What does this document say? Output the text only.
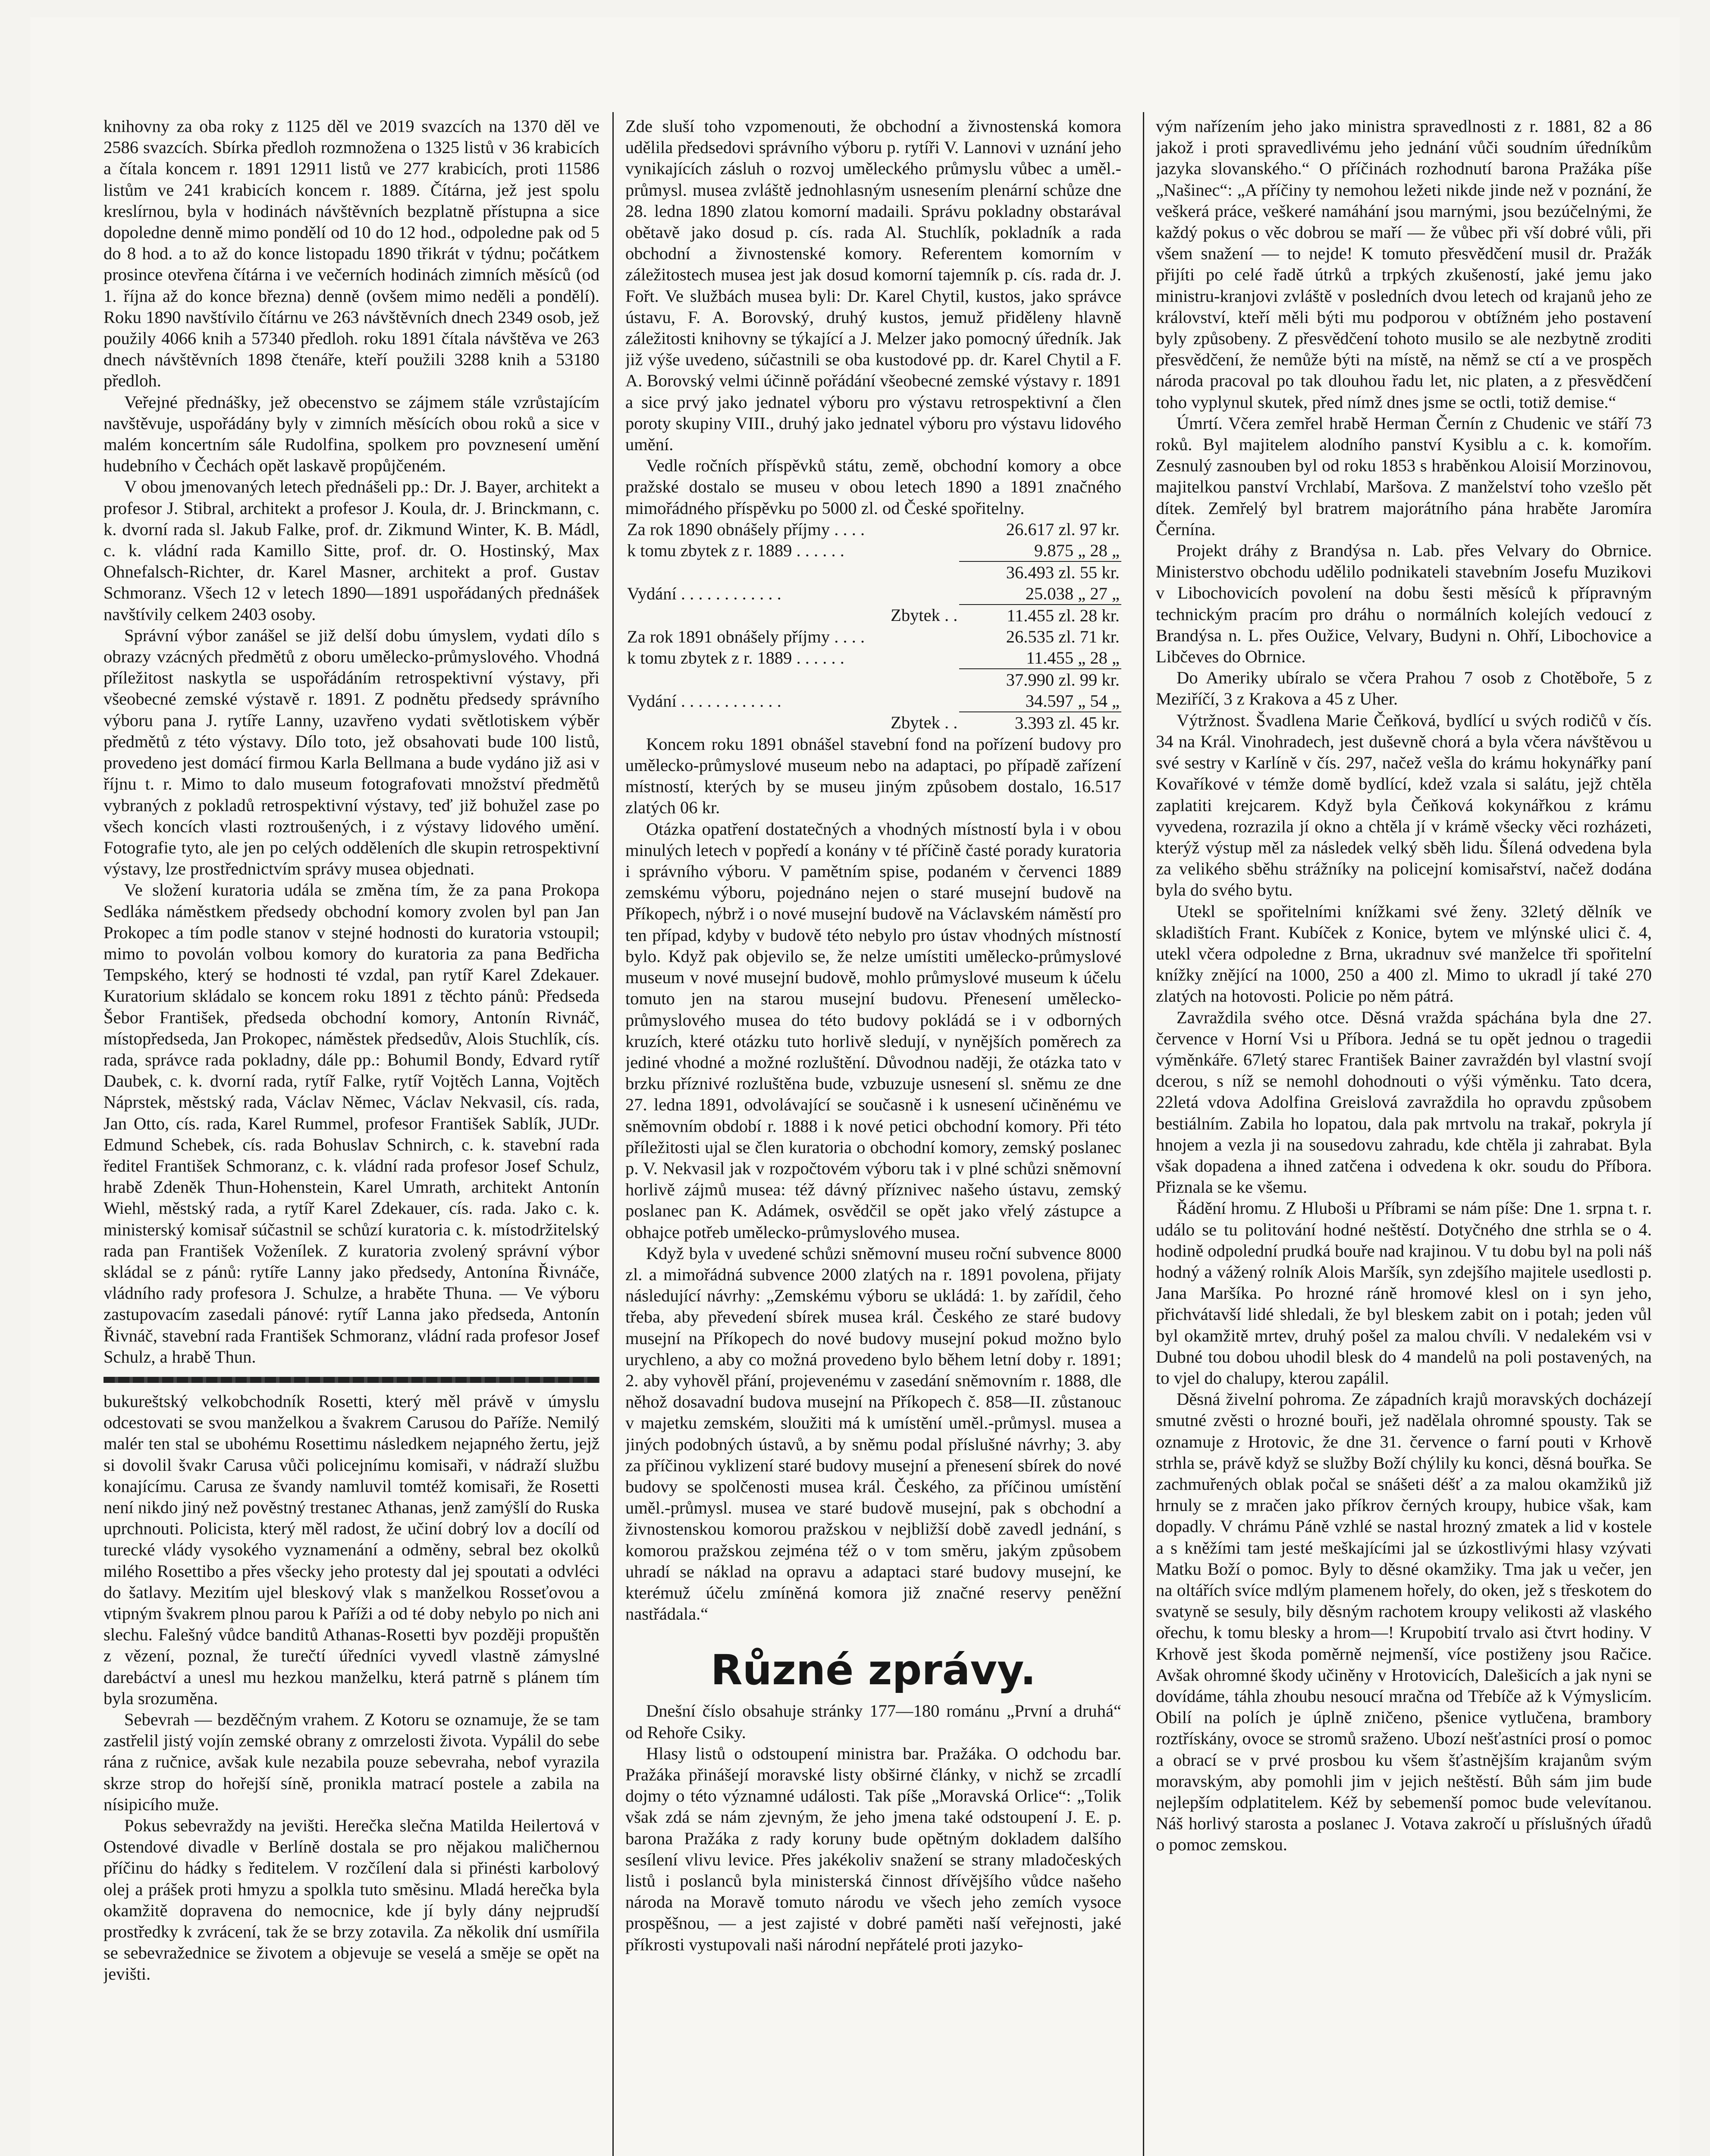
knihovny za oba roky z 1125 děl ve 2019 svazcích na 1370 děl ve 2586 svazcích. Sbírka předloh rozmnožena o 1325 listů v 36 krabicích a čítala koncem r. 1891 12911 listů ve 277 krabicích, proti 11586 listům ve 241 krabicích koncem r. 1889. Čítárna, jež jest spolu kreslírnou, byla v hodinách návštěvních bezplatně přístupna a sice dopoledne denně mimo pondělí od 10 do 12 hod., odpoledne pak od 5 do 8 hod. a to až do konce listopadu 1890 třikrát v týdnu; počátkem prosince otevřena čítárna i ve večerních hodinách zimních měsíců (od 1. října až do konce března) denně (ovšem mimo neděli a pondělí). Roku 1890 navštívilo čítárnu ve 263 návštěvních dnech 2349 osob, jež použily 4066 knih a 57340 předloh. roku 1891 čítala návštěva ve 263 dnech návštěvních 1898 čtenáře, kteří použili 3288 knih a 53180 předloh.

Veřejné přednášky, jež obecenstvo se zájmem stále vzrůstajícím navštěvuje, uspořádány byly v zimních měsících obou roků a sice v malém koncertním sále Rudolfina, spolkem pro povznesení umění hudebního v Čechách opět laskavě propůjčeném.

V obou jmenovaných letech přednášeli pp.: Dr. J. Bayer, architekt a profesor J. Stibral, architekt a profesor J. Koula, dr. J. Brinckmann, c. k. dvorní rada sl. Jakub Falke, prof. dr. Zikmund Winter, K. B. Mádl, c. k. vládní rada Kamillo Sitte, prof. dr. O. Hostinský, Max Ohnefalsch-Richter, dr. Karel Masner, architekt a prof. Gustav Schmoranz. Všech 12 v letech 1890—1891 uspořádaných přednášek navštívily celkem 2403 osoby.

Správní výbor zanášel se již delší dobu úmyslem, vydati dílo s obrazy vzácných předmětů z oboru umělecko-průmyslového. Vhodná příležitost naskytla se uspořádáním retrospektivní výstavy, při všeobecné zemské výstavě r. 1891. Z podnětu předsedy správního výboru pana J. rytíře Lanny, uzavřeno vydati světlotiskem výběr předmětů z této výstavy. Dílo toto, jež obsahovati bude 100 listů, provedeno jest domácí firmou Karla Bellmana a bude vydáno již asi v říjnu t. r. Mimo to dalo museum fotografovati množství předmětů vybraných z pokladů retrospektivní výstavy, teď již bohužel zase po všech koncích vlasti roztroušených, i z výstavy lidového umění. Fotografie tyto, ale jen po celých odděleních dle skupin retrospektivní výstavy, lze prostřednictvím správy musea objednati.

Ve složení kuratoria udála se změna tím, že za pana Prokopa Sedláka náměstkem předsedy obchodní komory zvolen byl pan Jan Prokopec a tím podle stanov v stejné hodnosti do kuratoria vstoupil; mimo to povolán volbou komory do kuratoria za pana Bedřicha Tempského, který se hodnosti té vzdal, pan rytíř Karel Zdekauer. Kuratorium skládalo se koncem roku 1891 z těchto pánů: Předseda Šebor František, předseda obchodní komory, Antonín Rivnáč, místopředseda, Jan Prokopec, náměstek předsedův, Alois Stuchlík, cís. rada, správce rada pokladny, dále pp.: Bohumil Bondy, Edvard rytíř Daubek, c. k. dvorní rada, rytíř Falke, rytíř Vojtěch Lanna, Vojtěch Náprstek, městský rada, Václav Němec, Václav Nekvasil, cís. rada, Jan Otto, cís. rada, Karel Rummel, profesor František Sablík, JUDr. Edmund Schebek, cís. rada Bohuslav Schnirch, c. k. stavební rada ředitel František Schmoranz, c. k. vládní rada profesor Josef Schulz, hrabě Zdeněk Thun-Hohenstein, Karel Umrath, architekt Antonín Wiehl, městský rada, a rytíř Karel Zdekauer, cís. rada. Jako c. k. ministerský komisař súčastnil se schůzí kuratoria c. k. místodržitelský rada pan František Voženílek. Z kuratoria zvolený správní výbor skládal se z pánů: rytíře Lanny jako předsedy, Antonína Řivnáče, vládního rady profesora J. Schulze, a hraběte Thuna. — Ve výboru zastupovacím zasedali pánové: rytíř Lanna jako předseda, Antonín Řivnáč, stavební rada František Schmoranz, vládní rada profesor Josef Schulz, a hrabě Thun.

bukureštský velkobchodník Rosetti, který měl právě v úmyslu odcestovati se svou manželkou a švakrem Carusou do Paříže. Nemilý malér ten stal se ubohému Rosettimu následkem nejapného žertu, jejž si dovolil švakr Carusa vůči policejnímu komisaři, v nádraží službu konajícímu. Carusa ze švandy namluvil tomtéž komisaři, že Rosetti není nikdo jiný než pověstný trestanec Athanas, jenž zamýšlí do Ruska uprchnouti. Policista, který měl radost, že učiní dobrý lov a docílí od turecké vlády vysokého vyznamenání a odměny, sebral bez okolků milého Rosettibo a přes všecky jeho protesty dal jej spoutati a odvléci do šatlavy. Mezitím ujel bleskový vlak s manželkou Rosseťovou a vtipným švakrem plnou parou k Paříži a od té doby nebylo po nich ani slechu. Falešný vůdce banditů Athanas-Rosetti byv později propuštěn z vězení, poznal, že turečtí úředníci vyvedl vlastně zámyslné darebáctví a unesl mu hezkou manželku, která patrně s plánem tím byla srozuměna.

Sebevrah — bezděčným vrahem. Z Kotoru se oznamuje, že se tam zastřelil jistý vojín zemské obrany z omrzelosti života. Vypálil do sebe rána z ručnice, avšak kule nezabila pouze sebevraha, nebof vyrazila skrze strop do hořejší síně, pronikla matrací postele a zabila na nísipicího muže.

Pokus sebevraždy na jevišti. Herečka slečna Matilda Heilertová v Ostendové divadle v Berlíně dostala se pro nějakou maličhernou příčinu do hádky s ředitelem. V rozčílení dala si přinésti karbolový olej a prášek proti hmyzu a spolkla tuto směsinu. Mladá herečka byla okamžitě dopravena do nemocnice, kde jí byly dány nejprudší prostředky k zvrácení, tak že se brzy zotavila. Za několik dní usmířila se sebevražednice se životem a objevuje se veselá a směje se opět na jevišti.

Zde sluší toho vzpomenouti, že obchodní a živnostenská komora udělila předsedovi správního výboru p. rytíři V. Lannovi v uznání jeho vynikajících zásluh o rozvoj uměleckého průmyslu vůbec a uměl.-průmysl. musea zvláště jednohlasným usnesením plenární schůze dne 28. ledna 1890 zlatou komorní madaili. Správu pokladny obstarával obětavě jako dosud p. cís. rada Al. Stuchlík, pokladník a rada obchodní a živnostenské komory. Referentem komorním v záležitostech musea jest jak dosud komorní tajemník p. cís. rada dr. J. Fořt. Ve službách musea byli: Dr. Karel Chytil, kustos, jako správce ústavu, F. A. Borovský, druhý kustos, jemuž přiděleny hlavně záležitosti knihovny se týkající a J. Melzer jako pomocný úředník. Jak již výše uvedeno, súčastnili se oba kustodové pp. dr. Karel Chytil a F. A. Borovský velmi účinně pořádání všeobecné zemské výstavy r. 1891 a sice prvý jako jednatel výboru pro výstavu retrospektivní a člen poroty skupiny VIII., druhý jako jednatel výboru pro výstavu lidového umění.

Vedle ročních příspěvků státu, země, obchodní komory a obce pražské dostalo se museu v obou letech 1890 a 1891 značného mimořádného příspěvku po 5000 zl. od České spořitelny.

Za rok 1890 obnášely příjmy . . . .	26.617 zl. 97 kr.
k tomu zbytek z r. 1889 . . . . . .	9.875 „ 28 „
	36.493 zl. 55 kr.
Vydání . . . . . . . . . . . .	25.038 „ 27 „
Zbytek . .	11.455 zl. 28 kr.
Za rok 1891 obnášely příjmy . . . .	26.535 zl. 71 kr.
k tomu zbytek z r. 1889 . . . . . .	11.455 „ 28 „
	37.990 zl. 99 kr.
Vydání . . . . . . . . . . . .	34.597 „ 54 „
Zbytek . .	3.393 zl. 45 kr.

Koncem roku 1891 obnášel stavební fond na pořízení budovy pro umělecko-průmyslové museum nebo na adaptaci, po případě zařízení místností, kterých by se museu jiným způsobem dostalo, 16.517 zlatých 06 kr.

Otázka opatření dostatečných a vhodných místností byla i v obou minulých letech v popředí a konány v té příčině časté porady kuratoria i správního výboru. V pamětním spise, podaném v červenci 1889 zemskému výboru, pojednáno nejen o staré musejní budově na Příkopech, nýbrž i o nové musejní budově na Václavském náměstí pro ten případ, kdyby v budově této nebylo pro ústav vhodných místností bylo. Když pak objevilo se, že nelze umístiti umělecko-průmyslové museum v nové musejní budově, mohlo průmyslové museum k účelu tomuto jen na starou musejní budovu. Přenesení umělecko-průmyslového musea do této budovy pokládá se i v odborných kruzích, které otázku tuto horlivě sledují, v nynějších poměrech za jediné vhodné a možné rozluštění. Důvodnou naději, že otázka tato v brzku příznivé rozluštěna bude, vzbuzuje usnesení sl. sněmu ze dne 27. ledna 1891, odvolávající se současně i k usnesení učiněnému ve sněmovním období r. 1888 i k nové petici obchodní komory. Při této příležitosti ujal se člen kuratoria o obchodní komory, zemský poslanec p. V. Nekvasil jak v rozpočtovém výboru tak i v plné schůzi sněmovní horlivě zájmů musea: též dávný příznivec našeho ústavu, zemský poslanec pan K. Adámek, osvědčil se opět jako vřelý zástupce a obhajce potřeb umělecko-průmyslového musea.

Když byla v uvedené schůzi sněmovní museu roční subvence 8000 zl. a mimořádná subvence 2000 zlatých na r. 1891 povolena, přijaty následující návrhy: „Zemskému výboru se ukládá: 1. by zařídil, čeho třeba, aby převedení sbírek musea král. Českého ze staré budovy musejní na Příkopech do nové budovy musejní pokud možno bylo urychleno, a aby co možná provedeno bylo během letní doby r. 1891; 2. aby vyhověl přání, projevenému v zasedání sněmovním r. 1888, dle něhož dosavadní budova musejní na Příkopech č. 858—II. zůstanouc v majetku zemském, sloužiti má k umístění uměl.-průmysl. musea a jiných podobných ústavů, a by sněmu podal příslušné návrhy; 3. aby za příčinou vyklizení staré budovy musejní a přenesení sbírek do nové budovy se spolčenosti musea král. Českého, za příčinou umístění uměl.-průmysl. musea ve staré budově musejní, pak s obchodní a živnostenskou komorou pražskou v nejbližší době zavedl jednání, s komorou pražskou zejména též o v tom směru, jakým způsobem uhradí se náklad na opravu a adaptaci staré budovy musejní, ke kterémuž účelu zmíněná komora již značné reservy peněžní nastřádala.“

Různé zprávy.

Dnešní číslo obsahuje stránky 177—180 románu „První a druhá“ od Rehoře Csiky.

Hlasy listů o odstoupení ministra bar. Pražáka. O odchodu bar. Pražáka přinášejí moravské listy obširné články, v nichž se zrcadlí dojmy o této významné události. Tak píše „Moravská Orlice“: „Tolik však zdá se nám zjevným, že jeho jmena také odstoupení J. E. p. barona Pražáka z rady koruny bude opětným dokladem dalšího sesílení vlivu levice. Přes jakékoliv snažení se strany mladočeských listů i poslanců byla ministerská činnost dřívějšího vůdce našeho národa na Moravě tomuto národu ve všech jeho zemích vysoce prospěšnou, — a jest zajisté v dobré paměti naší veřejnosti, jaké příkrosti vystupovali naši národní nepřátelé proti jazyko-

vým nařízením jeho jako ministra spravedlnosti z r. 1881, 82 a 86 jakož i proti spravedlivému jeho jednání vůči soudním úředníkům jazyka slovanského.“ O příčinách rozhodnutí barona Pražáka píše „Našinec“: „A příčiny ty nemohou ležeti nikde jinde než v poznání, že veškerá práce, veškeré namáhání jsou marnými, jsou bezúčelnými, že každý pokus o věc dobrou se maří — že vůbec při vší dobré vůli, při všem snažení — to nejde! K tomuto přesvědčení musil dr. Pražák přijíti po celé řadě útrků a trpkých zkušeností, jaké jemu jako ministru-kranjovi zvláště v posledních dvou letech od krajanů jeho ze království, kteří měli býti mu podporou v obtížném jeho postavení byly způsobeny. Z přesvědčení tohoto musilo se ale nezbytně zroditi přesvědčení, že nemůže býti na místě, na němž se ctí a ve prospěch národa pracoval po tak dlouhou řadu let, nic platen, a z přesvědčení toho vyplynul skutek, před nímž dnes jsme se octli, totiž demise.“

Úmrtí. Včera zemřel hrabě Herman Černín z Chudenic ve stáří 73 roků. Byl majitelem alodního panství Kysiblu a c. k. komořím. Zesnulý zasnouben byl od roku 1853 s hraběnkou Aloisií Morzinovou, majitelkou panství Vrchlabí, Maršova. Z manželství toho vzešlo pět dítek. Zemřelý byl bratrem majorátního pána hraběte Jaromíra Černína.

Projekt dráhy z Brandýsa n. Lab. přes Velvary do Obrnice. Ministerstvo obchodu udělilo podnikateli stavebním Josefu Muzikovi v Libochovicích povolení na dobu šesti měsíců k přípravným technickým pracím pro dráhu o normálních kolejích vedoucí z Brandýsa n. L. přes Oužice, Velvary, Budyni n. Ohří, Libochovice a Libčeves do Obrnice.

Do Ameriky ubíralo se včera Prahou 7 osob z Chotěboře, 5 z Meziříčí, 3 z Krakova a 45 z Uher.

Výtržnost. Švadlena Marie Čeňková, bydlící u svých rodičů v čís. 34 na Král. Vinohradech, jest duševně chorá a byla včera návštěvou u své sestry v Karlíně v čís. 297, načež vešla do krámu hokynářky paní Kovaříkové v témže domě bydlící, kdež vzala si salátu, jejž chtěla zaplatiti krejcarem. Když byla Čeňková kokynářkou z krámu vyvedena, rozrazila jí okno a chtěla jí v krámě všecky věci rozházeti, kterýž výstup měl za následek velký sběh lidu. Šílená odvedena byla za velikého sběhu strážníky na policejní komisařství, načež dodána byla do svého bytu.

Utekl se spořitelními knížkami své ženy. 32letý dělník ve skladištích Frant. Kubíček z Konice, bytem ve mlýnské ulici č. 4, utekl včera odpoledne z Brna, ukradnuv své manželce tři spořitelní knížky znějící na 1000, 250 a 400 zl. Mimo to ukradl jí také 270 zlatých na hotovosti. Policie po něm pátrá.

Zavraždila svého otce. Děsná vražda spáchána byla dne 27. července v Horní Vsi u Příbora. Jedná se tu opět jednou o tragedii výměnkáře. 67letý starec František Bainer zavraždén byl vlastní svojí dcerou, s níž se nemohl dohodnouti o výši výměnku. Tato dcera, 22letá vdova Adolfina Greislová zavraždila ho opravdu způsobem bestiálním. Zabila ho lopatou, dala pak mrtvolu na trakař, pokryla jí hnojem a vezla ji na sousedovu zahradu, kde chtěla ji zahrabat. Byla však dopadena a ihned zatčena i odvedena k okr. soudu do Příbora. Přiznala se ke všemu.

Řádění hromu. Z Hluboši u Příbrami se nám píše: Dne 1. srpna t. r. událo se tu politování hodné neštěstí. Dotyčného dne strhla se o 4. hodině odpolední prudká bouře nad krajinou. V tu dobu byl na poli náš hodný a vážený rolník Alois Maršík, syn zdejšího majitele usedlosti p. Jana Maršíka. Po hrozné ráně hromové klesl on i syn jeho, přichvátavší lidé shledali, že byl bleskem zabit on i potah; jeden vůl byl okamžitě mrtev, druhý pošel za malou chvíli. V nedalekém vsi v Dubné tou dobou uhodil blesk do 4 mandelů na poli postavených, na to vjel do chalupy, kterou zapálil.

Děsná živelní pohroma. Ze západních krajů moravských docházejí smutné zvěsti o hrozné bouři, jež nadělala ohromné spousty. Tak se oznamuje z Hrotovic, že dne 31. července o farní pouti v Krhově strhla se, právě když se služby Boží chýlily ku konci, děsná bouřka. Se zachmuřených oblak počal se snášeti déšť a za malou okamžiků již hrnuly se z mračen jako příkrov černých kroupy, hubice však, kam dopadly. V chrámu Páně vzhlé se nastal hrozný zmatek a lid v kostele a s kněžími tam jesté meškajícími jal se úzkostlivými hlasy vzývati Matku Boží o pomoc. Byly to děsné okamžiky. Tma jak u večer, jen na oltářích svíce mdlým plamenem hořely, do oken, jež s třeskotem do svatyně se sesuly, bily děsným rachotem kroupy velikosti až vlaského ořechu, k tomu blesky a hrom—! Krupobití trvalo asi čtvrt hodiny. V Krhově jest škoda poměrně nejmenší, více postiženy jsou Račice. Avšak ohromné škody učiněny v Hrotovicích, Dalešicích a jak nyni se dovídáme, táhla zhoubu nesoucí mračna od Třebíče až k Výmyslicím. Obilí na polích je úplně zničeno, pšenice vytlučena, brambory roztřískány, ovoce se stromů sraženo. Ubozí nešťastníci prosí o pomoc a obrací se v prvé prosbou ku všem šťastnějším krajanům svým moravským, aby pomohli jim v jejich neštěstí. Bůh sám jim bude nejlepším odplatitelem. Kéž by sebemenší pomoc bude velevítanou. Náš horlivý starosta a poslanec J. Votava zakročí u příslušných úřadů o pomoc zemskou.
